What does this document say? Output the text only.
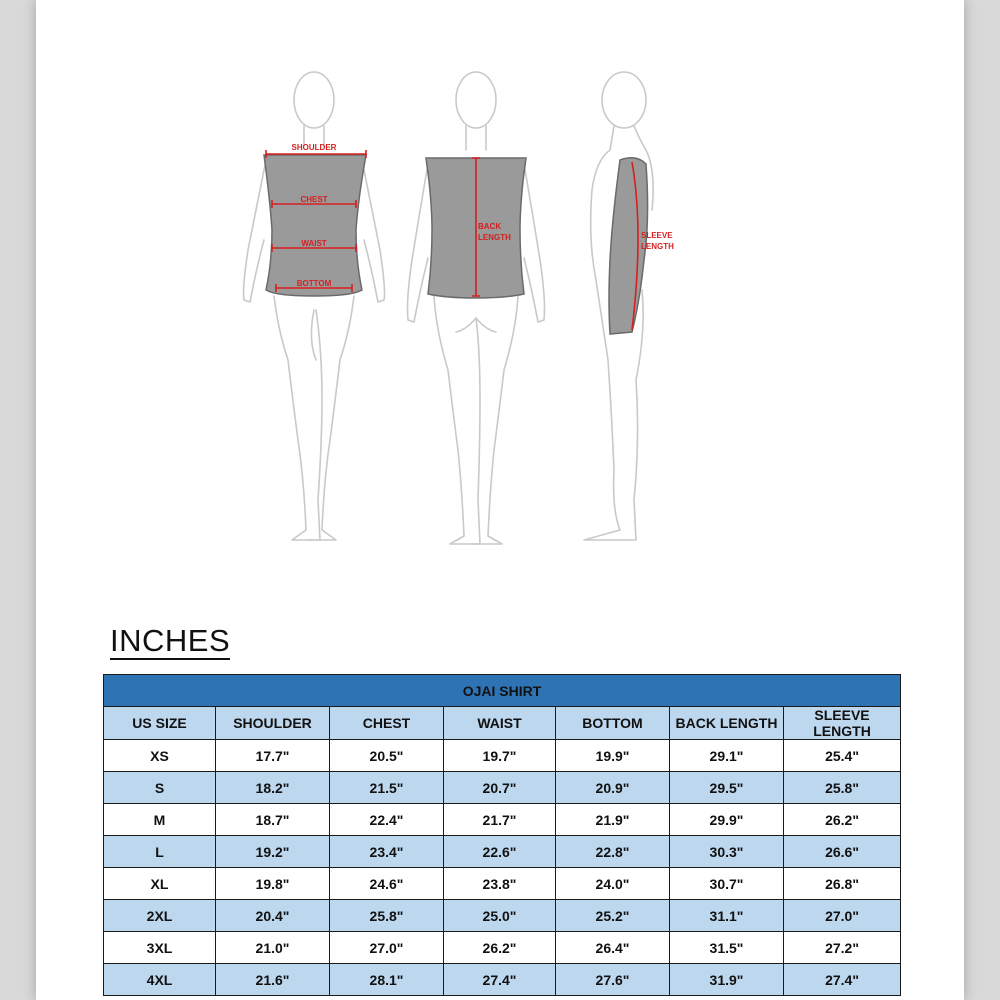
SHOULDER
CHEST
WAIST
BOTTOM
BACK
LENGTH	SLEEVE
LENGTH
INCHES
OJAI SHIRT						
US SIZE	SHOULDER	CHEST	WAIST	BOTTOM	BACK LENGTH	SLEEVE LENGTH
XS	17.7"	20.5"	19.7"	19.9"	29.1"	25.4"
S	18.2"	21.5"	20.7"	20.9"	29.5"	25.8"
M	18.7"	22.4"	21.7"	21.9"	29.9"	26.2"
L	19.2"	23.4"	22.6"	22.8"	30.3"	26.6"
XL	19.8"	24.6"	23.8"	24.0"	30.7"	26.8"
2XL	20.4"	25.8"	25.0"	25.2"	31.1"	27.0"
3XL	21.0"	27.0"	26.2"	26.4"	31.5"	27.2"
4XL	21.6"	28.1"	27.4"	27.6"	31.9"	27.4"
